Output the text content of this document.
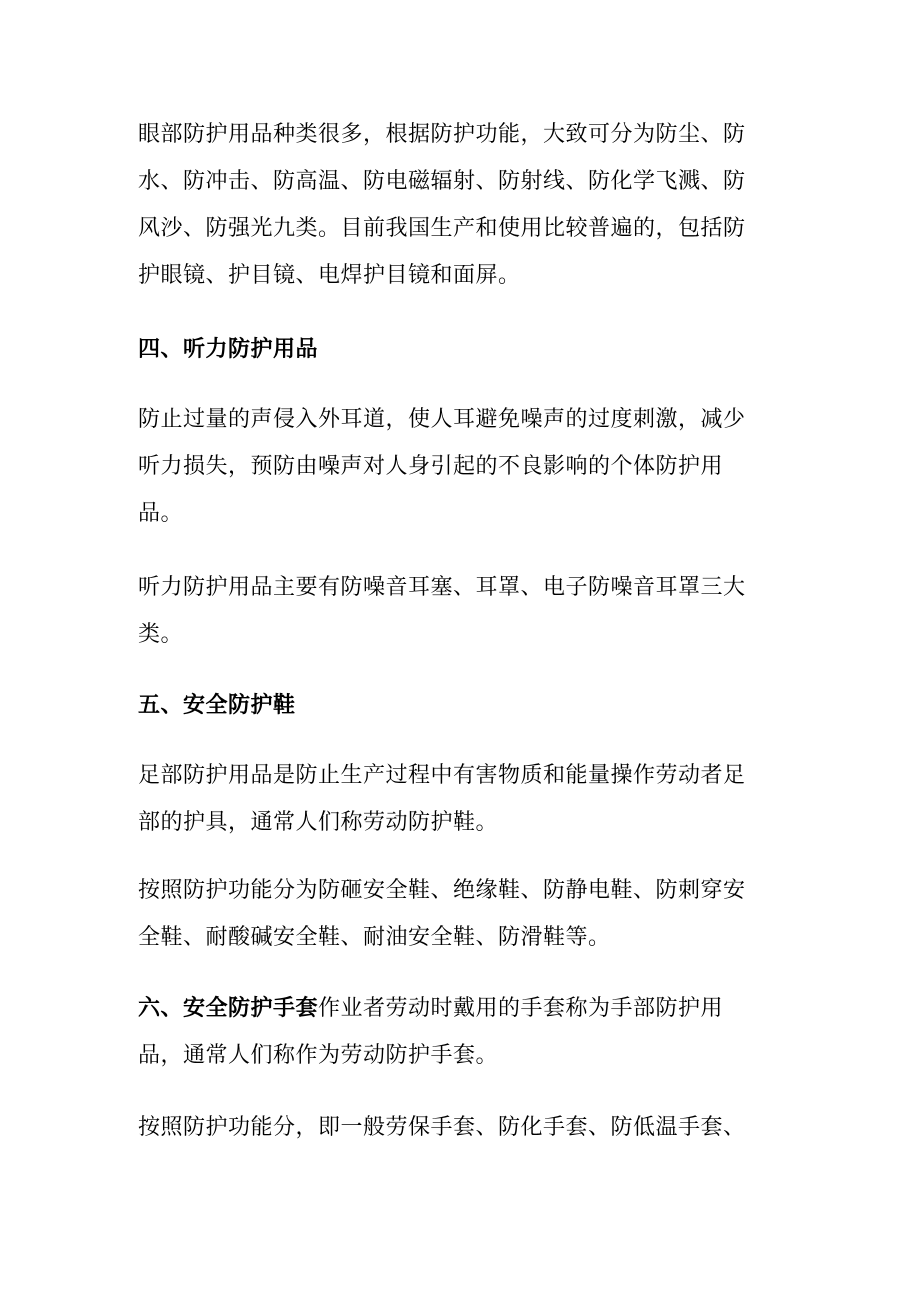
眼部防护用品种类很多，根据防护功能，大致可分为防尘、防
水、防冲击、防高温、防电磁辐射、防射线、防化学飞溅、防
风沙、防强光九类。目前我国生产和使用比较普遍的，包括防
护眼镜、护目镜、电焊护目镜和面屏。

四、听力防护用品

防止过量的声侵入外耳道，使人耳避免噪声的过度刺激，减少
听力损失，预防由噪声对人身引起的不良影响的个体防护用
品。

听力防护用品主要有防噪音耳塞、耳罩、电子防噪音耳罩三大
类。

五、安全防护鞋

足部防护用品是防止生产过程中有害物质和能量操作劳动者足
部的护具，通常人们称劳动防护鞋。

按照防护功能分为防砸安全鞋、绝缘鞋、防静电鞋、防刺穿安
全鞋、耐酸碱安全鞋、耐油安全鞋、防滑鞋等。

六、安全防护手套作业者劳动时戴用的手套称为手部防护用
品，通常人们称作为劳动防护手套。

按照防护功能分，即一般劳保手套、防化手套、防低温手套、
